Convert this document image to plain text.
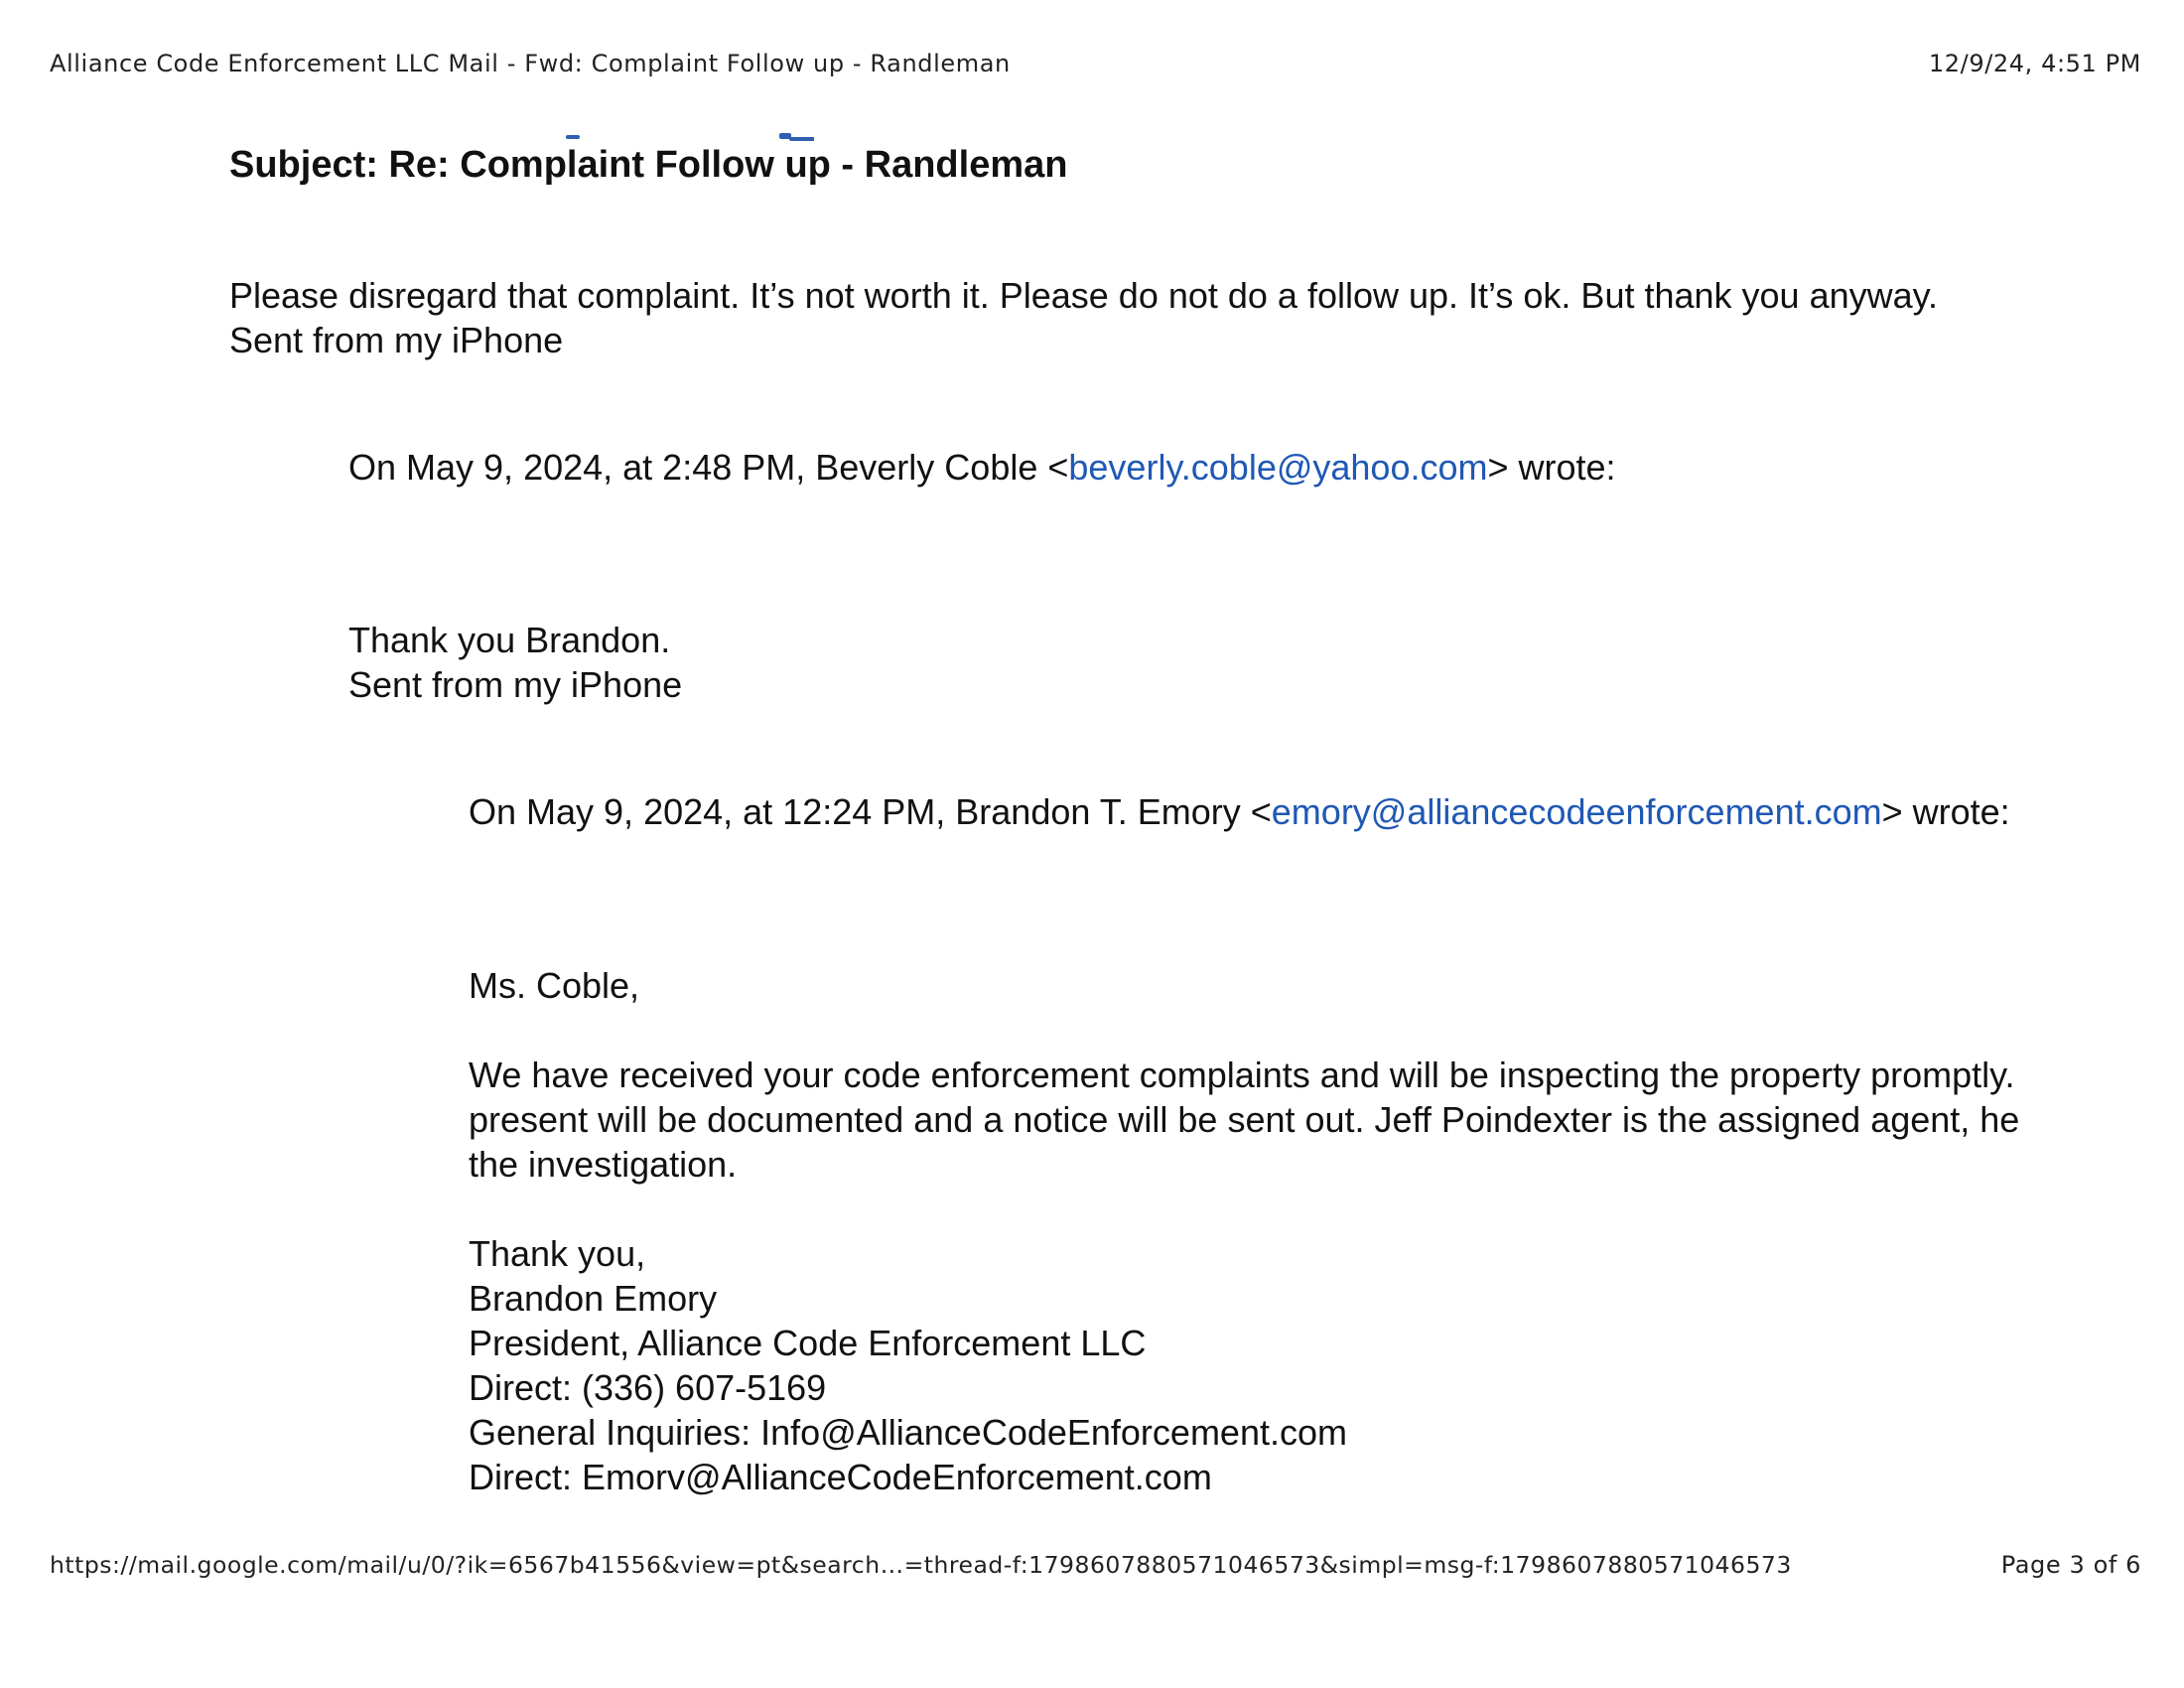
Alliance Code Enforcement LLC Mail - Fwd: Complaint Follow up - Randleman	12/9/24, 4:51 PM
Subject: Re: Complaint Follow up - Randleman
Please disregard that complaint. It’s not worth it. Please do not do a follow up. It’s ok. But thank you anyway.
Sent from my iPhone
On May 9, 2024, at 2:48 PM, Beverly Coble <beverly.coble@yahoo.com> wrote:
Thank you Brandon.
Sent from my iPhone
On May 9, 2024, at 12:24 PM, Brandon T. Emory <emory@alliancecodeenforcement.com> wrote:
Ms. Coble,
We have received your code enforcement complaints and will be inspecting the property promptly.
present will be documented and a notice will be sent out. Jeff Poindexter is the assigned agent, he
the investigation.
Thank you,
Brandon Emory
President, Alliance Code Enforcement LLC
Direct: (336) 607-5169
General Inquiries: Info@AllianceCodeEnforcement.com
Direct: Emorv@AllianceCodeEnforcement.com
https://mail.google.com/mail/u/0/?ik=6567b41556&view=pt&search…=thread-f:1798607880571046573&simpl=msg-f:1798607880571046573	Page 3 of 6
